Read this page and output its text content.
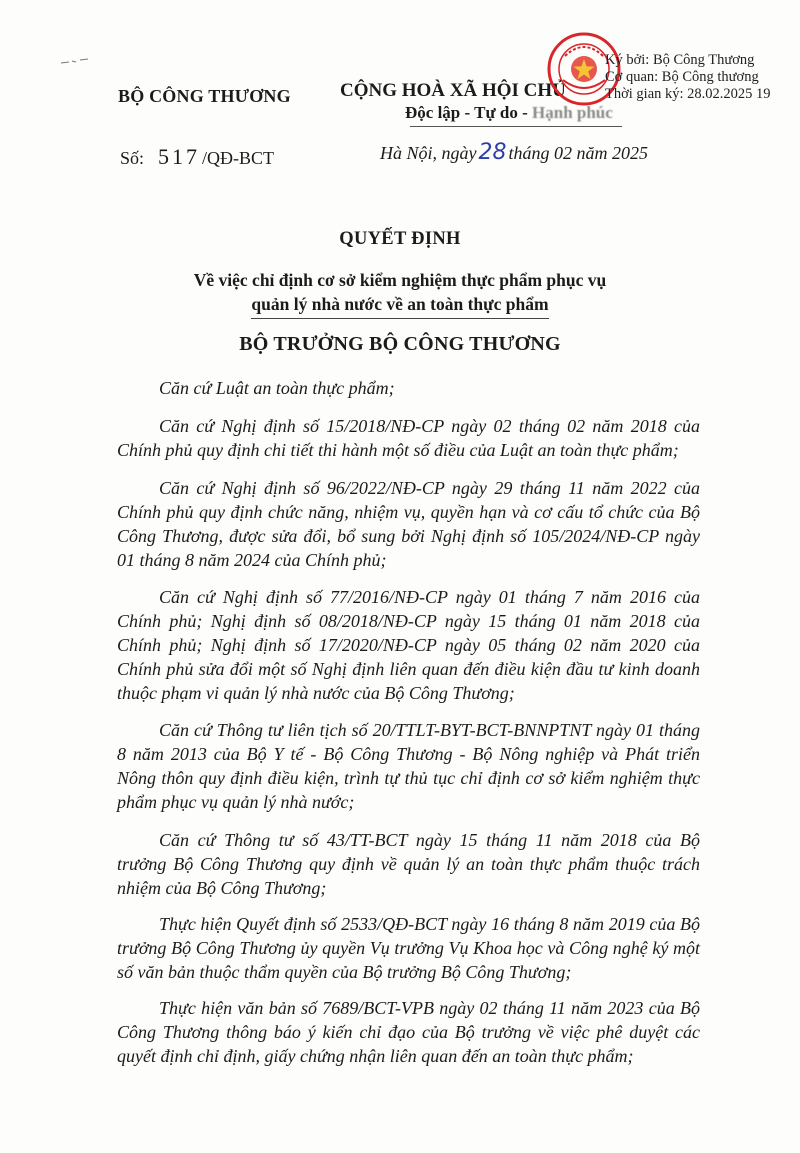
BỘ CÔNG THƯƠNG	CỘNG HOÀ XÃ HỘI CHỦ
Độc lập - Tự do - Hạnh phúc
Số: 517 /QĐ-BCT	Hà Nội, ngày28 tháng 02 năm 2025
Ký bởi: Bộ Công Thương
Cơ quan: Bộ Công thương
Thời gian ký: 28.02.2025 19
QUYẾT ĐỊNH
Về việc chỉ định cơ sở kiểm nghiệm thực phẩm phục vụ
quản lý nhà nước về an toàn thực phẩm
BỘ TRƯỞNG BỘ CÔNG THƯƠNG
Căn cứ Luật an toàn thực phẩm;
Căn cứ Nghị định số 15/2018/NĐ-CP ngày 02 tháng 02 năm 2018 của Chính phủ quy định chi tiết thi hành một số điều của Luật an toàn thực phẩm;
Căn cứ Nghị định số 96/2022/NĐ-CP ngày 29 tháng 11 năm 2022 của Chính phủ quy định chức năng, nhiệm vụ, quyền hạn và cơ cấu tổ chức của Bộ Công Thương, được sửa đổi, bổ sung bởi Nghị định số 105/2024/NĐ-CP ngày 01 tháng 8 năm 2024 của Chính phủ;
Căn cứ Nghị định số 77/2016/NĐ-CP ngày 01 tháng 7 năm 2016 của Chính phủ; Nghị định số 08/2018/NĐ-CP ngày 15 tháng 01 năm 2018 của Chính phủ; Nghị định số 17/2020/NĐ-CP ngày 05 tháng 02 năm 2020 của Chính phủ sửa đổi một số Nghị định liên quan đến điều kiện đầu tư kinh doanh thuộc phạm vi quản lý nhà nước của Bộ Công Thương;
Căn cứ Thông tư liên tịch số 20/TTLT-BYT-BCT-BNNPTNT ngày 01 tháng 8 năm 2013 của Bộ Y tế - Bộ Công Thương - Bộ Nông nghiệp và Phát triển Nông thôn quy định điều kiện, trình tự thủ tục chỉ định cơ sở kiểm nghiệm thực phẩm phục vụ quản lý nhà nước;
Căn cứ Thông tư số 43/TT-BCT ngày 15 tháng 11 năm 2018 của Bộ trưởng Bộ Công Thương quy định về quản lý an toàn thực phẩm thuộc trách nhiệm của Bộ Công Thương;
Thực hiện Quyết định số 2533/QĐ-BCT ngày 16 tháng 8 năm 2019 của Bộ trưởng Bộ Công Thương ủy quyền Vụ trưởng Vụ Khoa học và Công nghệ ký một số văn bản thuộc thẩm quyền của Bộ trưởng Bộ Công Thương;
Thực hiện văn bản số 7689/BCT-VPB ngày 02 tháng 11 năm 2023 của Bộ Công Thương thông báo ý kiến chỉ đạo của Bộ trưởng về việc phê duyệt các quyết định chỉ định, giấy chứng nhận liên quan đến an toàn thực phẩm;
